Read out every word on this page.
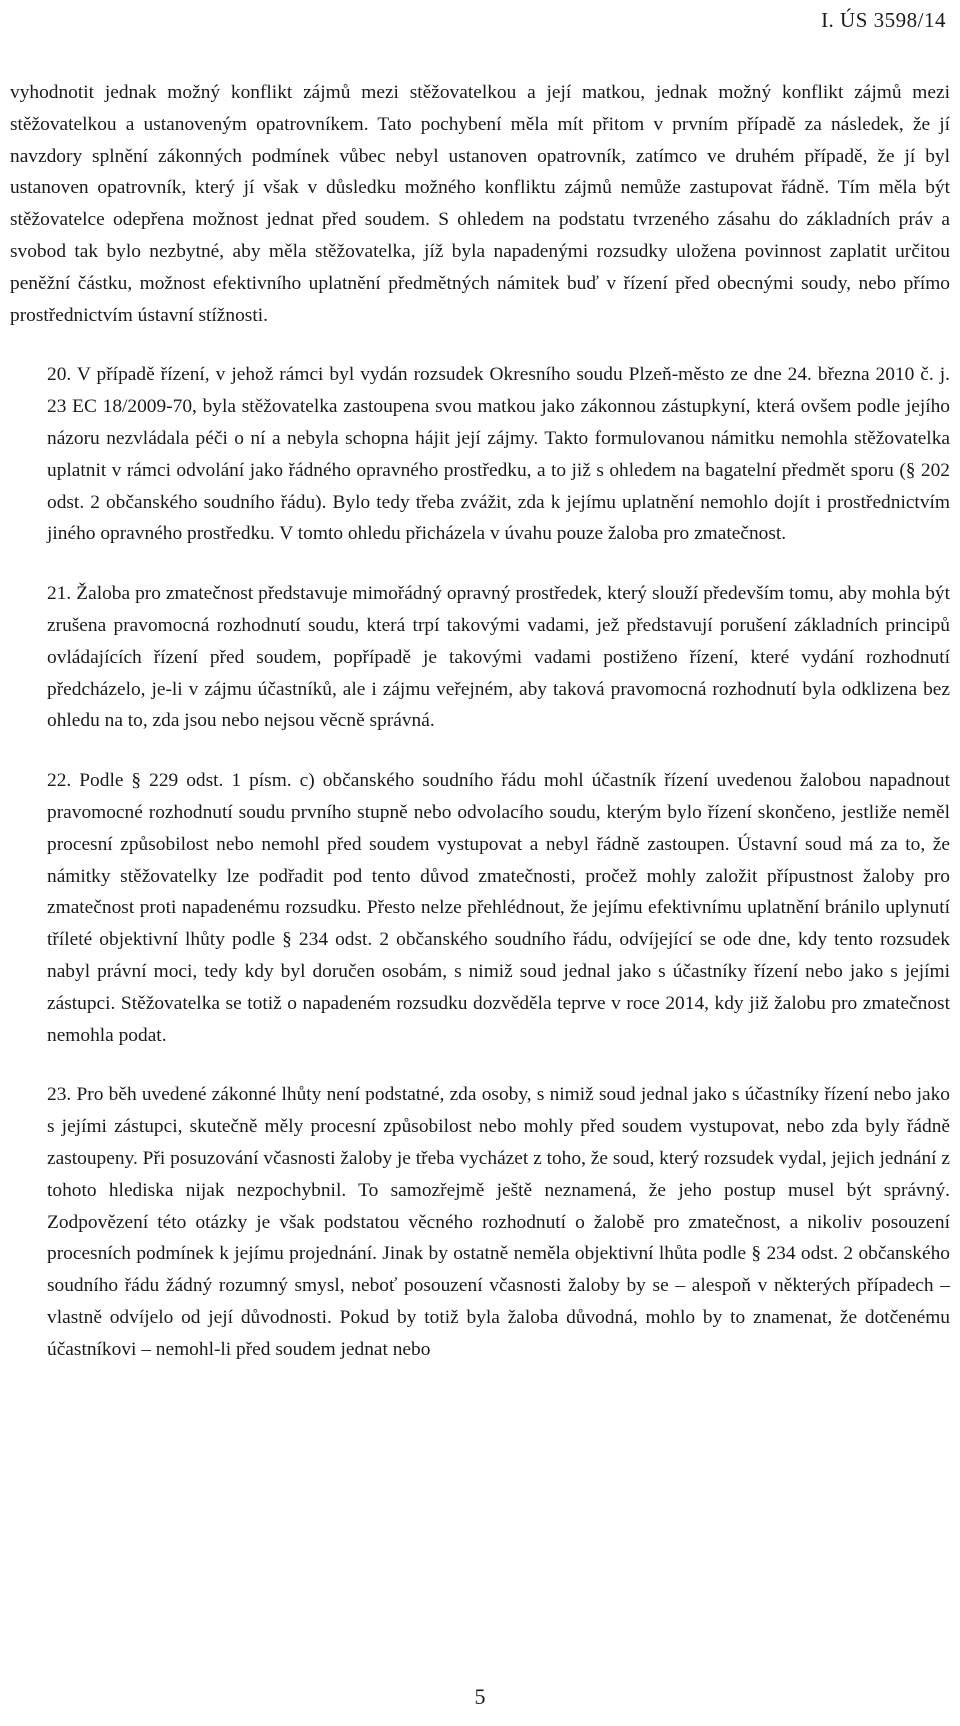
I. ÚS 3598/14

vyhodnotit jednak možný konflikt zájmů mezi stěžovatelkou a její matkou, jednak možný konflikt zájmů mezi stěžovatelkou a ustanoveným opatrovníkem. Tato pochybení měla mít přitom v prvním případě za následek, že jí navzdory splnění zákonných podmínek vůbec nebyl ustanoven opatrovník, zatímco ve druhém případě, že jí byl ustanoven opatrovník, který jí však v důsledku možného konfliktu zájmů nemůže zastupovat řádně. Tím měla být stěžovatelce odepřena možnost jednat před soudem. S ohledem na podstatu tvrzeného zásahu do základních práv a svobod tak bylo nezbytné, aby měla stěžovatelka, jíž byla napadenými rozsudky uložena povinnost zaplatit určitou peněžní částku, možnost efektivního uplatnění předmětných námitek buď v řízení před obecnými soudy, nebo přímo prostřednictvím ústavní stížnosti.

20. V případě řízení, v jehož rámci byl vydán rozsudek Okresního soudu Plzeň-město ze dne 24. března 2010 č. j. 23 EC 18/2009-70, byla stěžovatelka zastoupena svou matkou jako zákonnou zástupkyní, která ovšem podle jejího názoru nezvládala péči o ní a nebyla schopna hájit její zájmy. Takto formulovanou námitku nemohla stěžovatelka uplatnit v rámci odvolání jako řádného opravného prostředku, a to již s ohledem na bagatelní předmět sporu (§ 202 odst. 2 občanského soudního řádu). Bylo tedy třeba zvážit, zda k jejímu uplatnění nemohlo dojít i prostřednictvím jiného opravného prostředku. V tomto ohledu přicházela v úvahu pouze žaloba pro zmatečnost.

21. Žaloba pro zmatečnost představuje mimořádný opravný prostředek, který slouží především tomu, aby mohla být zrušena pravomocná rozhodnutí soudu, která trpí takovými vadami, jež představují porušení základních principů ovládajících řízení před soudem, popřípadě je takovými vadami postiženo řízení, které vydání rozhodnutí předcházelo, je-li v zájmu účastníků, ale i zájmu veřejném, aby taková pravomocná rozhodnutí byla odklizena bez ohledu na to, zda jsou nebo nejsou věcně správná.

22. Podle § 229 odst. 1 písm. c) občanského soudního řádu mohl účastník řízení uvedenou žalobou napadnout pravomocné rozhodnutí soudu prvního stupně nebo odvolacího soudu, kterým bylo řízení skončeno, jestliže neměl procesní způsobilost nebo nemohl před soudem vystupovat a nebyl řádně zastoupen. Ústavní soud má za to, že námitky stěžovatelky lze podřadit pod tento důvod zmatečnosti, pročež mohly založit přípustnost žaloby pro zmatečnost proti napadenému rozsudku. Přesto nelze přehlédnout, že jejímu efektivnímu uplatnění bránilo uplynutí tříleté objektivní lhůty podle § 234 odst. 2 občanského soudního řádu, odvíjející se ode dne, kdy tento rozsudek nabyl právní moci, tedy kdy byl doručen osobám, s nimiž soud jednal jako s účastníky řízení nebo jako s jejími zástupci. Stěžovatelka se totiž o napadeném rozsudku dozvěděla teprve v roce 2014, kdy již žalobu pro zmatečnost nemohla podat.

23. Pro běh uvedené zákonné lhůty není podstatné, zda osoby, s nimiž soud jednal jako s účastníky řízení nebo jako s jejími zástupci, skutečně měly procesní způsobilost nebo mohly před soudem vystupovat, nebo zda byly řádně zastoupeny. Při posuzování včasnosti žaloby je třeba vycházet z toho, že soud, který rozsudek vydal, jejich jednání z tohoto hlediska nijak nezpochybnil. To samozřejmě ještě neznamená, že jeho postup musel být správný. Zodpovězení této otázky je však podstatou věcného rozhodnutí o žalobě pro zmatečnost, a nikoliv posouzení procesních podmínek k jejímu projednání. Jinak by ostatně neměla objektivní lhůta podle § 234 odst. 2 občanského soudního řádu žádný rozumný smysl, neboť posouzení včasnosti žaloby by se – alespoň v některých případech – vlastně odvíjelo od její důvodnosti. Pokud by totiž byla žaloba důvodná, mohlo by to znamenat, že dotčenému účastníkovi – nemohl-li před soudem jednat nebo

5
